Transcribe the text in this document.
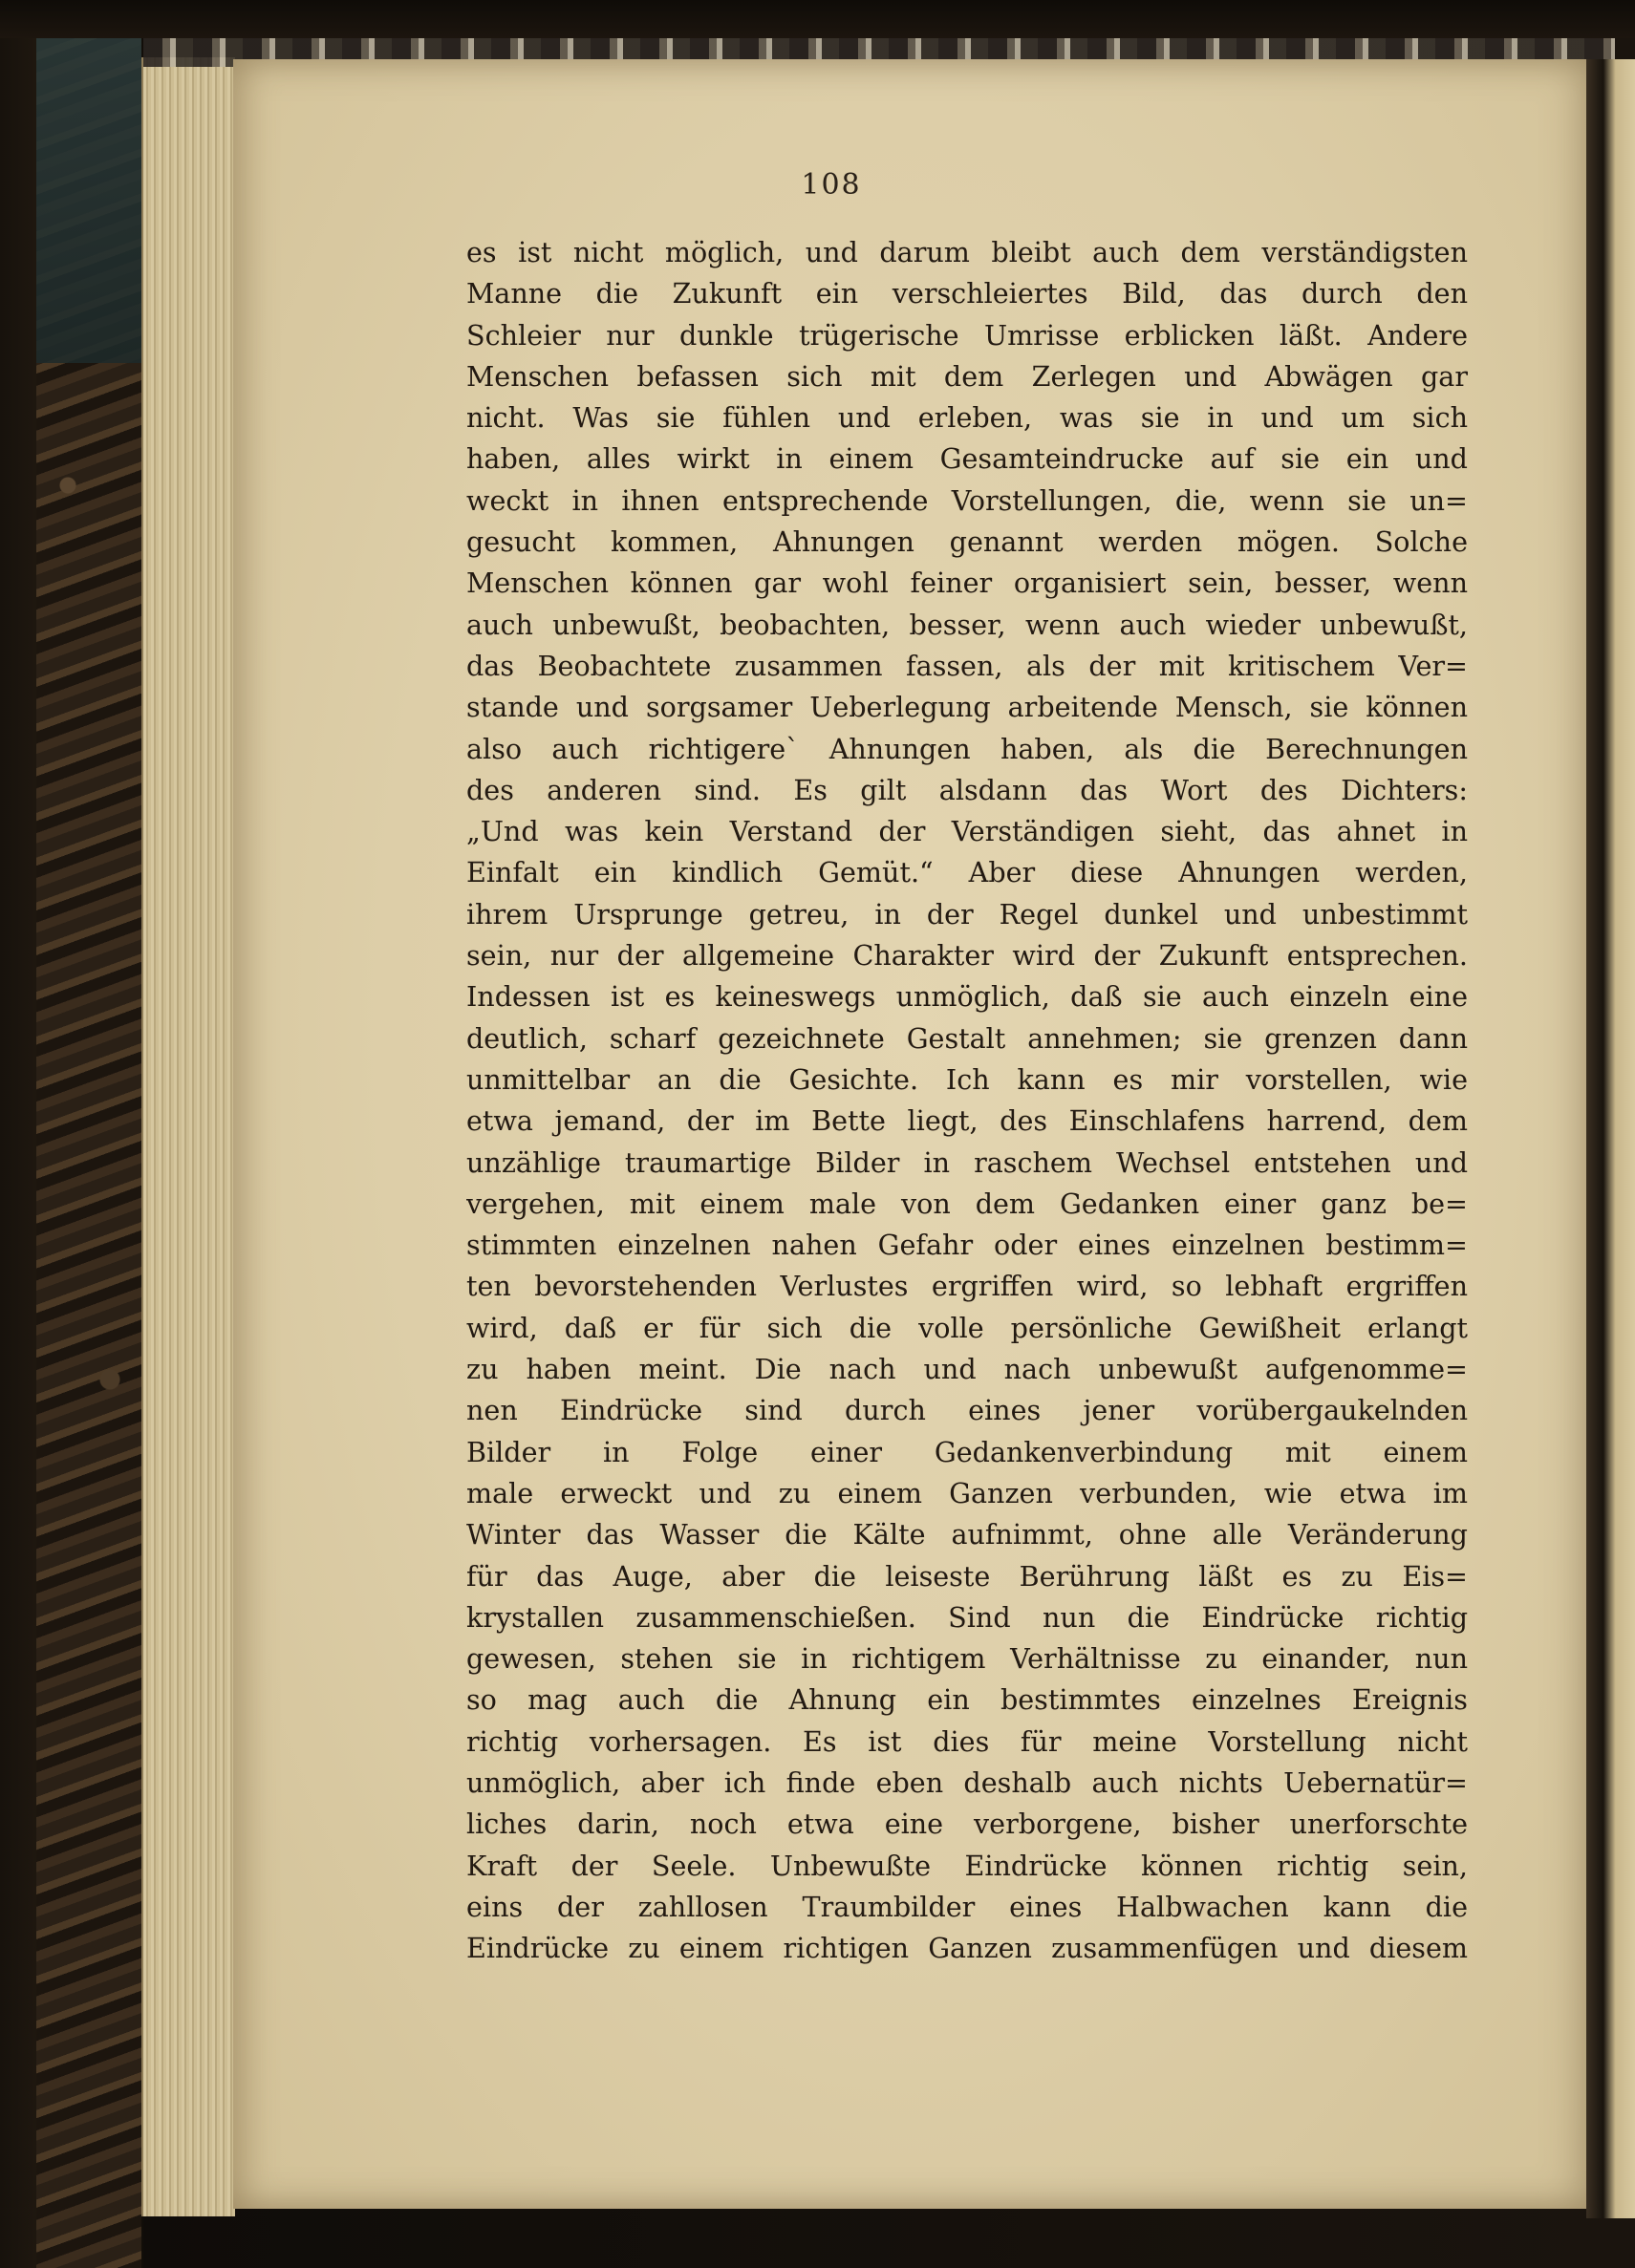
108
es ist nicht möglich, und darum bleibt auch dem verständigsten
Manne die Zukunft ein verschleiertes Bild, das durch den
Schleier nur dunkle trügerische Umrisse erblicken läßt. Andere
Menschen befassen sich mit dem Zerlegen und Abwägen gar
nicht. Was sie fühlen und erleben, was sie in und um sich
haben, alles wirkt in einem Gesamteindrucke auf sie ein und
weckt in ihnen entsprechende Vorstellungen, die, wenn sie un=
gesucht kommen, Ahnungen genannt werden mögen. Solche
Menschen können gar wohl feiner organisiert sein, besser, wenn
auch unbewußt, beobachten, besser, wenn auch wieder unbewußt,
das Beobachtete zusammen fassen, als der mit kritischem Ver=
stande und sorgsamer Ueberlegung arbeitende Mensch, sie können
also auch richtigere` Ahnungen haben, als die Berechnungen
des anderen sind. Es gilt alsdann das Wort des Dichters:
„Und was kein Verstand der Verständigen sieht, das ahnet in
Einfalt ein kindlich Gemüt.“ Aber diese Ahnungen werden,
ihrem Ursprunge getreu, in der Regel dunkel und unbestimmt
sein, nur der allgemeine Charakter wird der Zukunft entsprechen.
Indessen ist es keineswegs unmöglich, daß sie auch einzeln eine
deutlich, scharf gezeichnete Gestalt annehmen; sie grenzen dann
unmittelbar an die Gesichte. Ich kann es mir vorstellen, wie
etwa jemand, der im Bette liegt, des Einschlafens harrend, dem
unzählige traumartige Bilder in raschem Wechsel entstehen und
vergehen, mit einem male von dem Gedanken einer ganz be=
stimmten einzelnen nahen Gefahr oder eines einzelnen bestimm=
ten bevorstehenden Verlustes ergriffen wird, so lebhaft ergriffen
wird, daß er für sich die volle persönliche Gewißheit erlangt
zu haben meint. Die nach und nach unbewußt aufgenomme=
nen Eindrücke sind durch eines jener vorübergaukelnden
Bilder in Folge einer Gedankenverbindung mit einem
male erweckt und zu einem Ganzen verbunden, wie etwa im
Winter das Wasser die Kälte aufnimmt, ohne alle Veränderung
für das Auge, aber die leiseste Berührung läßt es zu Eis=
krystallen zusammenschießen. Sind nun die Eindrücke richtig
gewesen, stehen sie in richtigem Verhältnisse zu einander, nun
so mag auch die Ahnung ein bestimmtes einzelnes Ereignis
richtig vorhersagen. Es ist dies für meine Vorstellung nicht
unmöglich, aber ich finde eben deshalb auch nichts Uebernatür=
liches darin, noch etwa eine verborgene, bisher unerforschte
Kraft der Seele. Unbewußte Eindrücke können richtig sein,
eins der zahllosen Traumbilder eines Halbwachen kann die
Eindrücke zu einem richtigen Ganzen zusammenfügen und diesem
